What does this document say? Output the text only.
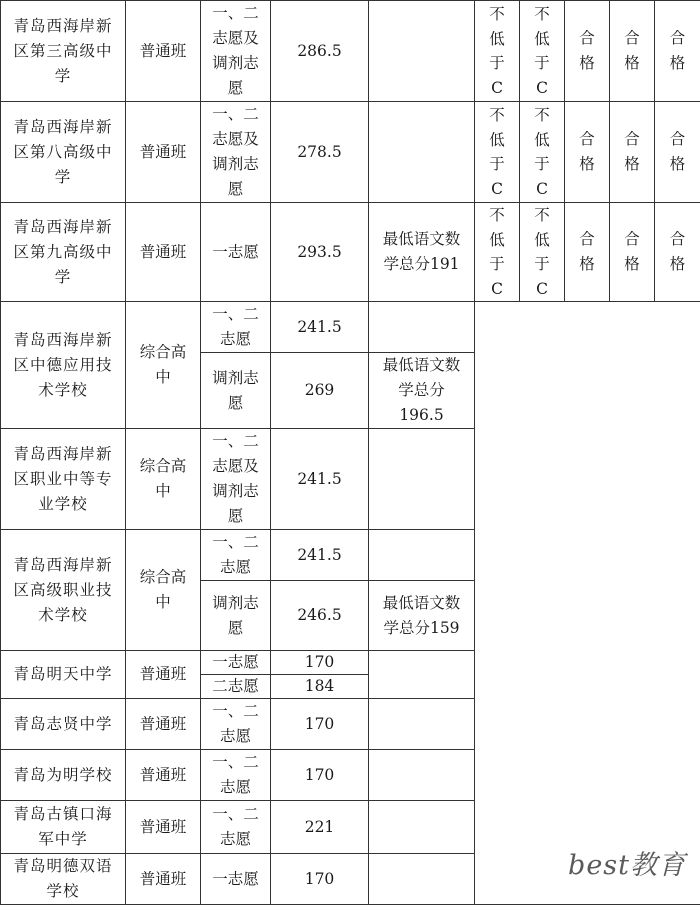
青岛西海岸新区第三高级中学	普通班	一、二志愿及调剂志愿	286.5		不低于C	不低于C	合格	合格	合格
青岛西海岸新区第八高级中学	普通班	一、二志愿及调剂志愿	278.5		不低于C	不低于C	合格	合格	合格
青岛西海岸新区第九高级中学	普通班	一志愿	293.5	最低语文数学总分191	不低于C	不低于C	合格	合格	合格
青岛西海岸新区中德应用技术学校	综合高中	一、二志愿	241.5						
		调剂志愿	269	最低语文数学总分196.5					
青岛西海岸新区职业中等专业学校	综合高中	一、二志愿及调剂志愿	241.5						
青岛西海岸新区高级职业技术学校	综合高中	一、二志愿	241.5						
		调剂志愿	246.5	最低语文数学总分159					
青岛明天中学	普通班	一志愿	170						
		二志愿	184						
青岛志贤中学	普通班	一、二志愿	170						
青岛为明学校	普通班	一、二志愿	170						
青岛古镇口海军中学	普通班	一、二志愿	221						
青岛明德双语学校	普通班	一志愿	170							best教育
